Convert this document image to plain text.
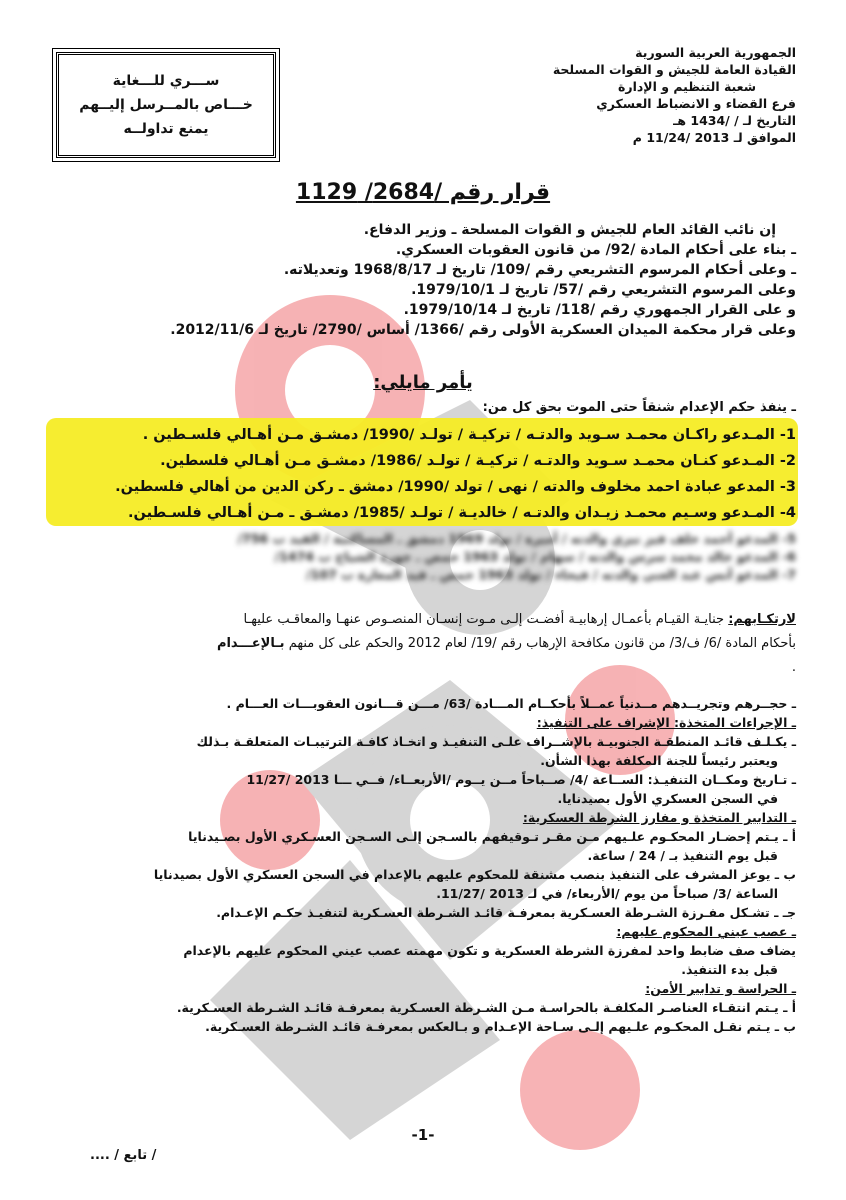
الجمهورية العربية السورية
القيادة العامة للجيش و القوات المسلحة
شعبة التنظيم و الإدارة
فرع القضاء و الانضباط العسكري
التاريخ لـ / /1434 هـ
الموافق لـ 2013 /11/24 م
ســـري للـــغاية
خـــاص بالمــرسل إليــهم
يمنع تداولــه
قرار رقم /2684/ 1129
إن نائب القائد العام للجيش و القوات المسلحة ـ وزير الدفاع.
ـ بناء على أحكام المادة /92/ من قانون العقوبات العسكري.
ـ وعلى أحكام المرسوم التشريعي رقم /109/ تاريخ لـ 1968/8/17 وتعديلاته.
وعلى المرسوم التشريعي رقم /57/ تاريخ لـ 1979/10/1.
و على القرار الجمهوري رقم /118/ تاريخ لـ 1979/10/14.
وعلى قرار محكمة الميدان العسكرية الأولى رقم /1366/ أساس /2790/ تاريخ لـ 2012/11/6.
يأمر مايلي:
ـ ينفذ حكم الإعدام شنقاً حتى الموت بحق كل من:
1- المـدعو راكـان محمـد سـويد والدتـه / تركيـة / تولـد /1990/ دمشـق مـن أهـالي فلسـطين .
2- المـدعو كنـان محمـد سـويد والدتـه / تركيـة / تولـد /1986/ دمشـق مـن أهـالي فلسطين.
3- المدعو عبادة احمد مخلوف والدته / نهى / تولد /1990/ دمشق ـ ركن الدين من أهالي فلسطين.
4- المـدعو وسـيم محمـد زيـدان والدتـه / خالديـة / تولـد /1985/ دمشـق ـ مـن أهـالي فلسـطين.
5- المدعو أحمد خلف فيز نيزي والدته / أميرة / تولد 1969 دمشق ـ المساكنية / القيد ب 756/
6- المدعو خالد محمد سرس والدته / سهام / تولد 1963 حمص ـ جورة الشياح ب 1474/
7- المدعو أنس عبد الغني والدته / فيحاء / تولد 1963 حمص ـ قيد المغارة ب 107/
لارتكـابهم: جنايـة القيـام بأعمـال إرهابيـة أفضـت إلـى مـوت إنسـان المنصـوص عنهـا والمعاقـب عليهـا
بأحكام المادة /6/ ف/3/ من قانون مكافحة الإرهاب رقم /19/ لعام 2012 والحكم على كل منهم بـالإعـــدام
.
ـ حجــرهم وتجريــدهم مــدنياً عمــلاً بأحكــام المـــادة /63/ مـــن قـــانون العقوبـــات العـــام .
ـ الإجراءات المتخذة: الإشراف على التنفيذ:
ـ يكـلـف قائـد المنطقـة الجنوبيـة بالإشــراف علـى التنفيـذ و اتخـاذ كافـة الترتيبـات المتعلقـة بـذلك
ويعتبر رئيساً للجنة المكلفة بهذا الشأن.
ـ تـاريخ ومكــان التنفيـذ: الســاعة /4/ صــباحاً مــن يــوم /الأربعــاء/ فــي ـــا 2013 /11/27
في السجن العسكري الأول بصيدنايا.
ـ التدابير المتخذة و مفارز الشرطة العسكرية:
أ ـ يـتم إحضـار المحكـوم علـيهم مـن مقـر تـوقيفهم بالسـجن إلـى السـجن العسـكري الأول بصـيدنايا
قبل يوم التنفيذ بـ / 24 / ساعة.
ب ـ يوعز المشرف على التنفيذ بنصب مشنقة للمحكوم عليهم بالإعدام في السجن العسكري الأول بصيدنايا
الساعة /3/ صباحاً من يوم /الأربعاء/ في لـ 2013 /11/27.
جـ ـ تشـكل مفـرزة الشـرطة العسـكرية بمعرفـة قائـد الشـرطة العسـكرية لتنفيـذ حكـم الإعـدام.
ـ عصب عيني المحكوم عليهم:
يضاف صف ضابط واحد لمفرزة الشرطة العسكرية و تكون مهمته عصب عيني المحكوم عليهم بالإعدام
قبل بدء التنفيذ.
ـ الحراسة و تدابير الأمن:
أ ـ يـتم انتقـاء العناصـر المكلفـة بالحراسـة مـن الشـرطة العسـكرية بمعرفـة قائـد الشـرطة العسـكرية.
ب ـ يـتم نقـل المحكـوم علـيهم إلـى سـاحة الإعـدام و بـالعكس بمعرفـة قائـد الشـرطة العسـكرية.
-1-
/ تابع / ....
